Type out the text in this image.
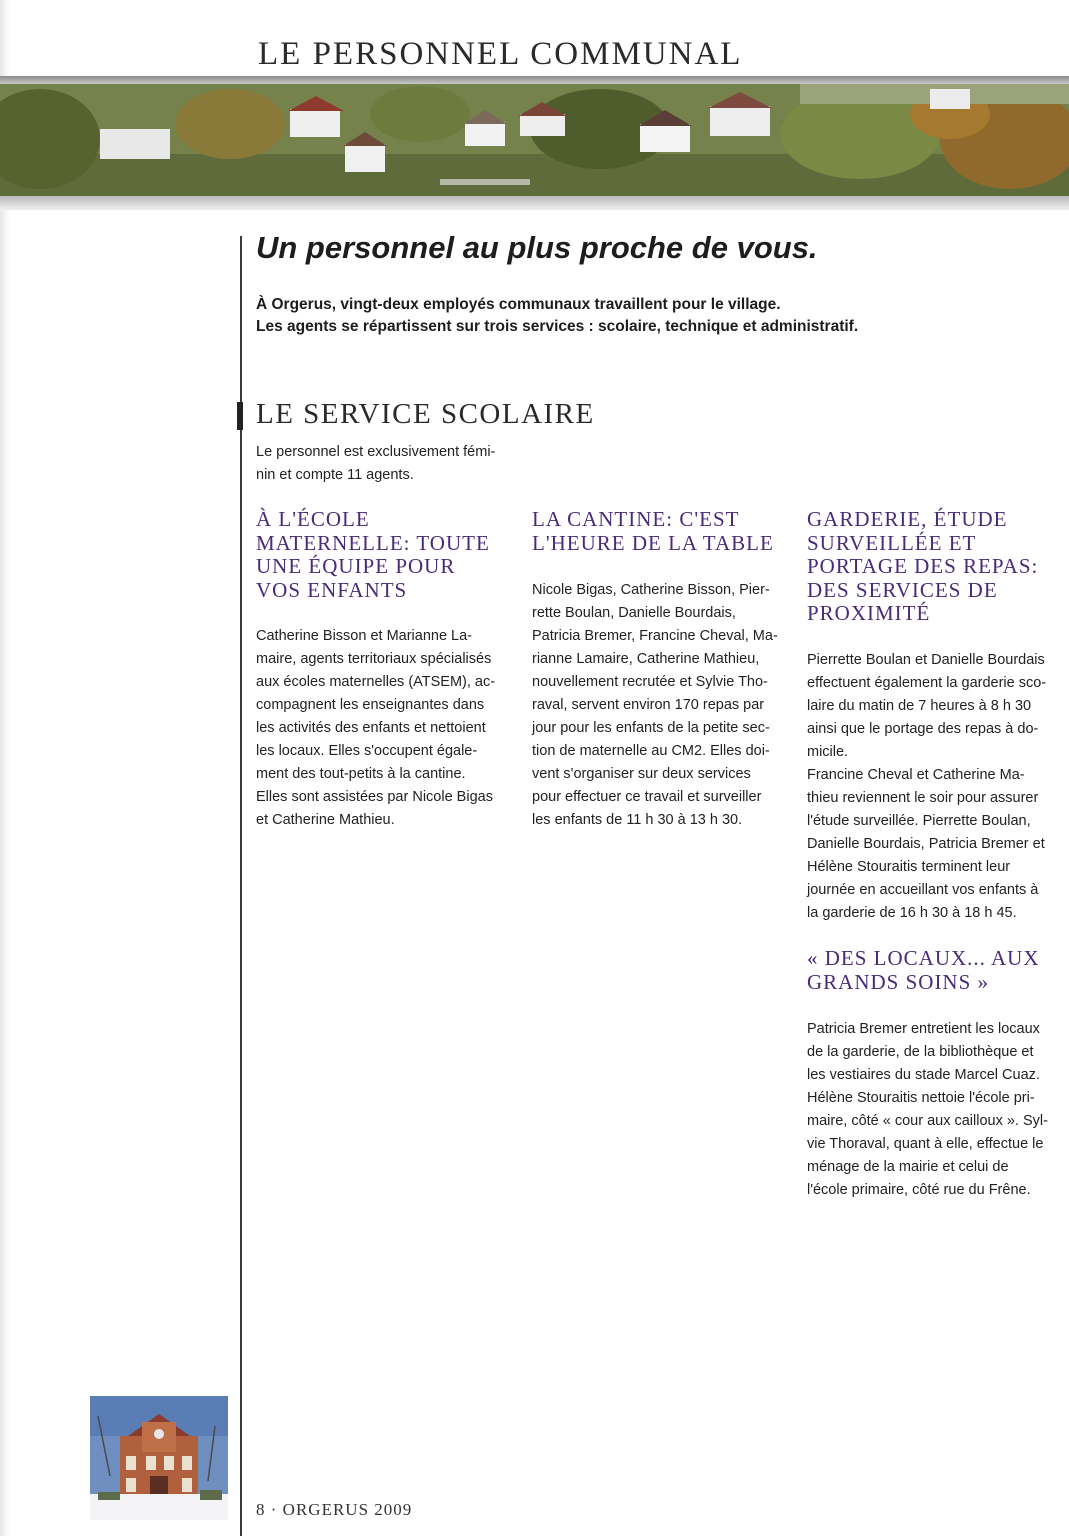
LE PERSONNEL COMMUNAL
Un personnel au plus proche de vous.
À Orgerus, vingt-deux employés communaux travaillent pour le village.
Les agents se répartissent sur trois services : scolaire, technique et administratif.
LE SERVICE SCOLAIRE
Le personnel est exclusivement fémi-
nin et compte 11 agents.
À L'ÉCOLE
MATERNELLE: TOUTE
UNE ÉQUIPE POUR
VOS ENFANTS
Catherine Bisson et Marianne La-
maire, agents territoriaux spécialisés
aux écoles maternelles (ATSEM), ac-
compagnent les enseignantes dans
les activités des enfants et nettoient
les locaux. Elles s'occupent égale-
ment des tout-petits à la cantine.
Elles sont assistées par Nicole Bigas
et Catherine Mathieu.
LA CANTINE: C'EST
L'HEURE DE LA TABLE
Nicole Bigas, Catherine Bisson, Pier-
rette Boulan, Danielle Bourdais,
Patricia Bremer, Francine Cheval, Ma-
rianne Lamaire, Catherine Mathieu,
nouvellement recrutée et Sylvie Tho-
raval, servent environ 170 repas par
jour pour les enfants de la petite sec-
tion de maternelle au CM2. Elles doi-
vent s'organiser sur deux services
pour effectuer ce travail et surveiller
les enfants de 11 h 30 à 13 h 30.
GARDERIE, ÉTUDE
SURVEILLÉE ET
PORTAGE DES REPAS:
DES SERVICES DE
PROXIMITÉ
Pierrette Boulan et Danielle Bourdais
effectuent également la garderie sco-
laire du matin de 7 heures à 8 h 30
ainsi que le portage des repas à do-
micile.
Francine Cheval et Catherine Ma-
thieu reviennent le soir pour assurer
l'étude surveillée. Pierrette Boulan,
Danielle Bourdais, Patricia Bremer et
Hélène Stouraitis terminent leur
journée en accueillant vos enfants à
la garderie de 16 h 30 à 18 h 45.
« DES LOCAUX... AUX
GRANDS SOINS »
Patricia Bremer entretient les locaux
de la garderie, de la bibliothèque et
les vestiaires du stade Marcel Cuaz.
Hélène Stouraitis nettoie l'école pri-
maire, côté « cour aux cailloux ». Syl-
vie Thoraval, quant à elle, effectue le
ménage de la mairie et celui de
l'école primaire, côté rue du Frêne.
8 · ORGERUS 2009
